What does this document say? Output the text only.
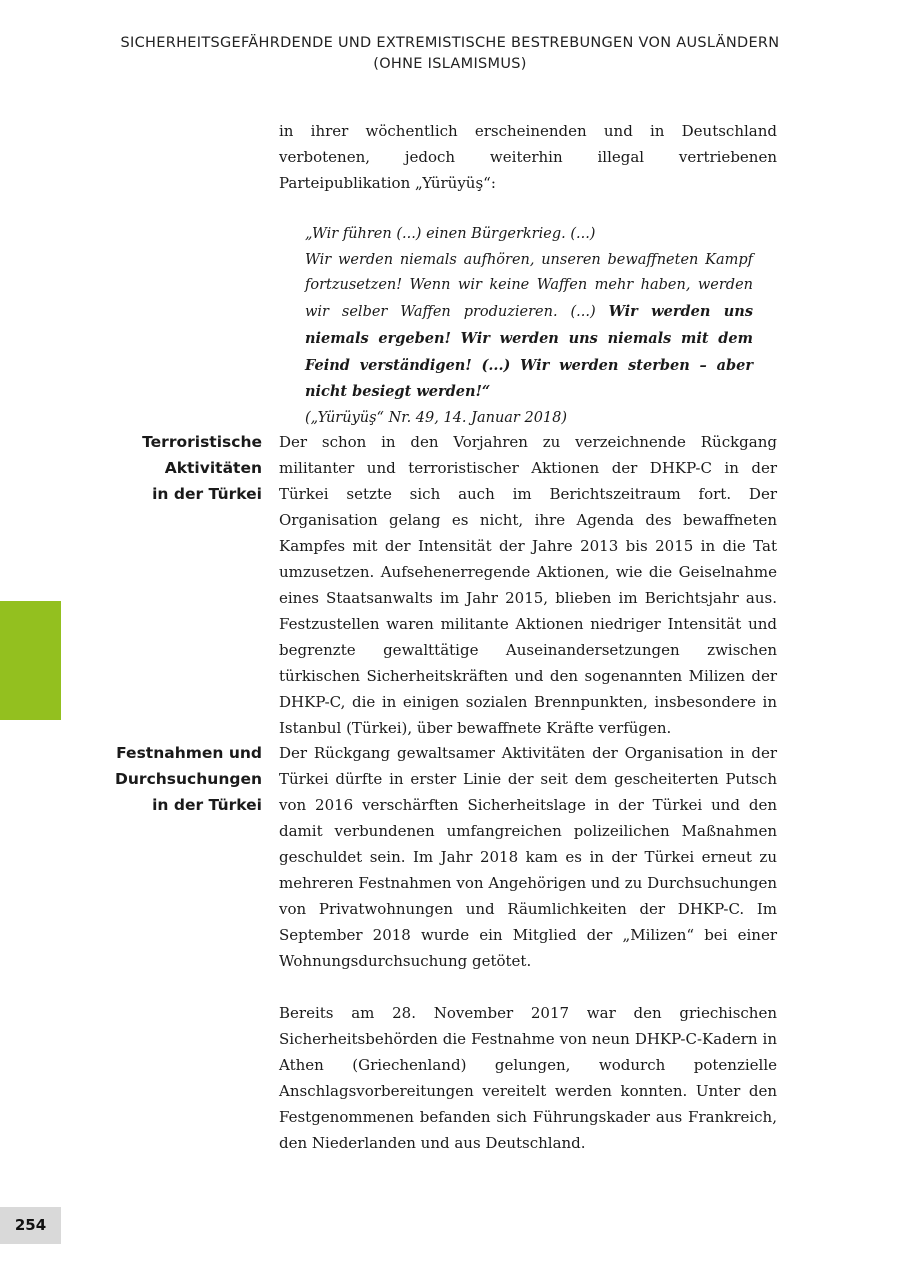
SICHERHEITSGEFÄHRDENDE UND EXTREMISTISCHE BESTREBUNGEN VON AUSLÄNDERN
(OHNE ISLAMISMUS)

in ihrer wöchentlich erscheinenden und in Deutschland verbotenen, jedoch weiterhin illegal vertriebenen Parteipublikation „Yürüyüş“:

„Wir führen (...) einen Bürgerkrieg. (...)
Wir werden niemals aufhören, unseren bewaffneten Kampf fortzusetzen! Wenn wir keine Waffen mehr haben, werden wir selber Waffen produzieren. (...) Wir werden uns niemals ergeben! Wir werden uns niemals mit dem Feind verständigen! (...) Wir werden sterben – aber nicht besiegt werden!“
(„Yürüyüş“ Nr. 49, 14. Januar 2018)
Terroristische
Aktivitäten
in der Türkei

Der schon in den Vorjahren zu verzeichnende Rückgang militanter und terroristischer Aktionen der DHKP-C in der Türkei setzte sich auch im Berichtszeitraum fort. Der Organisation gelang es nicht, ihre Agenda des bewaffneten Kampfes mit der Intensität der Jahre 2013 bis 2015 in die Tat umzusetzen. Aufsehenerregende Aktionen, wie die Geiselnahme eines Staatsanwalts im Jahr 2015, blieben im Berichtsjahr aus. Festzustellen waren militante Aktionen niedriger Intensität und begrenzte gewalttätige Auseinandersetzungen zwischen türkischen Sicherheitskräften und den sogenannten Milizen der DHKP-C, die in einigen sozialen Brennpunkten, insbesondere in Istanbul (Türkei), über bewaffnete Kräfte verfügen.

Festnahmen und
Durchsuchungen
in der Türkei

Der Rückgang gewaltsamer Aktivitäten der Organisation in der Türkei dürfte in erster Linie der seit dem gescheiterten Putsch von 2016 verschärften Sicherheitslage in der Türkei und den damit verbundenen umfangreichen polizeilichen Maßnahmen geschuldet sein. Im Jahr 2018 kam es in der Türkei erneut zu mehreren Festnahmen von Angehörigen und zu Durchsuchungen von Privatwohnungen und Räumlichkeiten der DHKP-C. Im September 2018 wurde ein Mitglied der „Milizen“ bei einer Wohnungsdurchsuchung getötet.

Bereits am 28. November 2017 war den griechischen Sicherheitsbehörden die Festnahme von neun DHKP-C-Kadern in Athen (Griechenland) gelungen, wodurch potenzielle Anschlagsvorbereitungen vereitelt werden konnten. Unter den Festgenommenen befanden sich Führungskader aus Frankreich, den Niederlanden und aus Deutschland.

254
